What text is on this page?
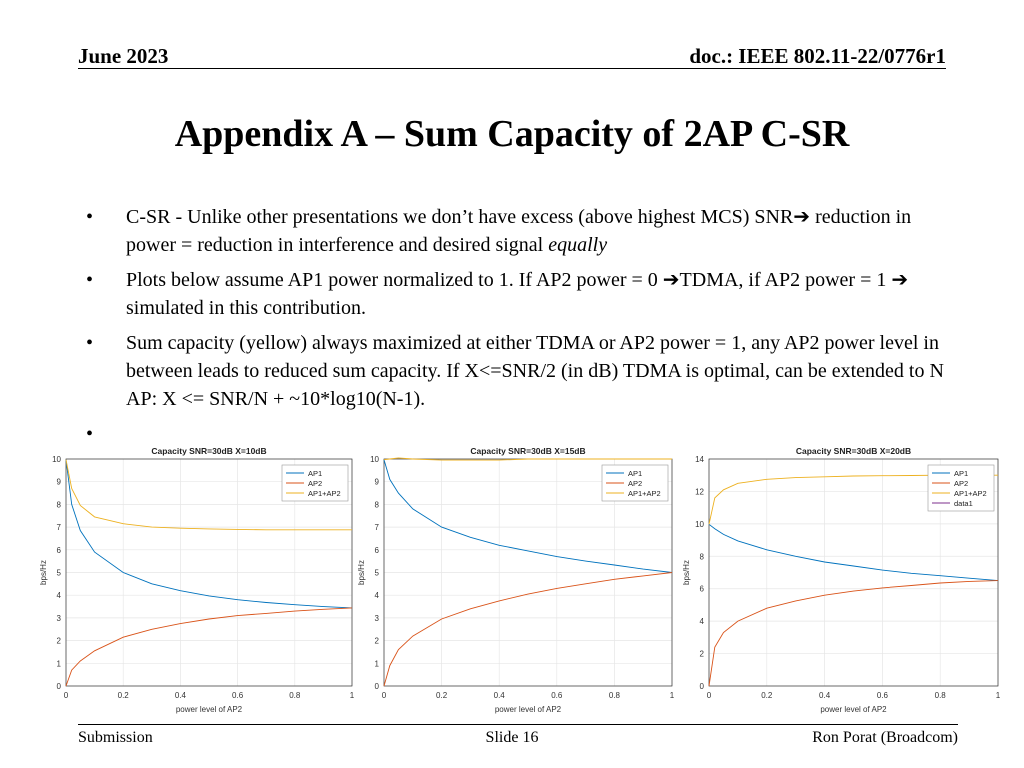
June 2023	doc.: IEEE 802.11-22/0776r1
Appendix A – Sum Capacity of 2AP C-SR
• C-SR - Unlike other presentations we don’t have excess (above highest MCS) SNR➔ reduction in power = reduction in interference and desired signal equally
• Plots below assume AP1 power normalized to 1. If AP2 power = 0 ➔TDMA, if AP2 power = 1 ➔ simulated in this contribution.
• Sum capacity (yellow) always maximized at either TDMA or AP2 power = 1, any AP2 power level in between leads to reduced sum capacity. If X<=SNR/2 (in dB) TDMA is optimal, can be extended to N AP: X <= SNR/N + ~10*log10(N-1).
•
Capacity SNR=30dB X=10dB
0	0.2	0.4	0.6	0.8	1
0
1
2
3
4
5
6
7
8
9
10
power level of AP2
bps/Hz
AP1
AP2
AP1+AP2
Capacity SNR=30dB X=15dB
0	0.2	0.4	0.6	0.8	1
0
1
2
3
4
5
6
7
8
9
10
power level of AP2
bps/Hz
AP1
AP2
AP1+AP2
Capacity SNR=30dB X=20dB
0	0.2	0.4	0.6	0.8	1
0
2
4
6
8
10
12
14
power level of AP2
bps/Hz
AP1
AP2
AP1+AP2
data1
Submission	Slide 16	Ron Porat (Broadcom)
